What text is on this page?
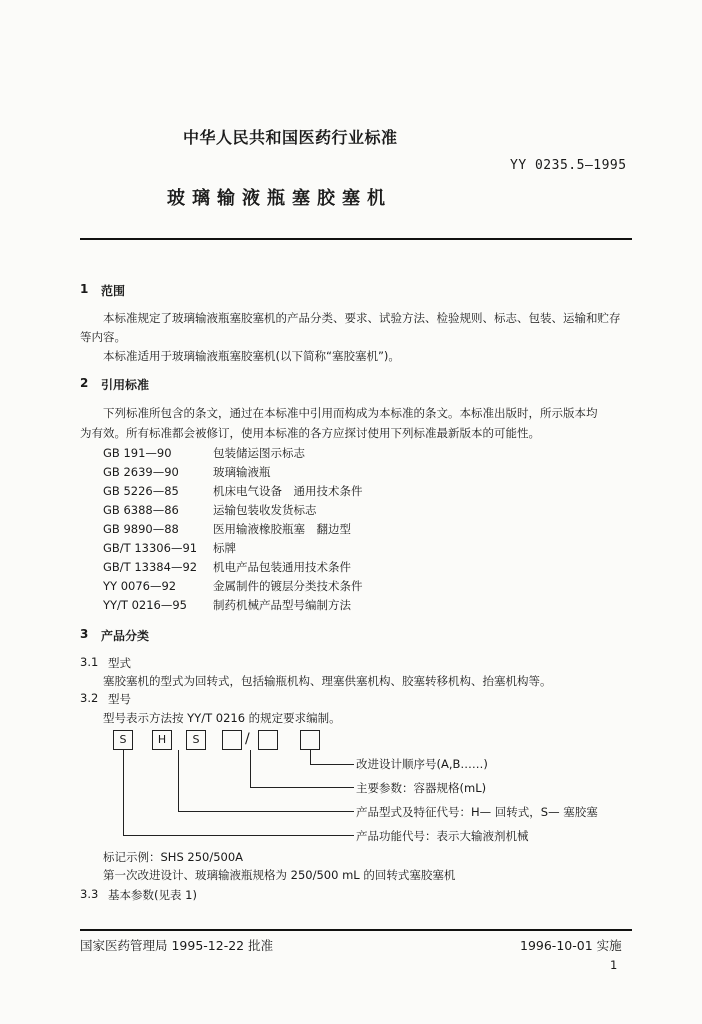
中华人民共和国医药行业标准
YY 0235.5—1995
玻璃输液瓶塞胶塞机
1 范围
本标准规定了玻璃输液瓶塞胶塞机的产品分类、要求、试验方法、检验规则、标志、包装、运输和贮存
等内容。
本标准适用于玻璃输液瓶塞胶塞机(以下简称“塞胶塞机”)。
2 引用标准
下列标准所包含的条文，通过在本标准中引用而构成为本标准的条文。本标准出版时，所示版本均
为有效。所有标准都会被修订，使用本标准的各方应探讨使用下列标准最新版本的可能性。
GB 191—90	包装储运图示标志
GB 2639—90	玻璃输液瓶
GB 5226—85	机床电气设备　通用技术条件
GB 6388—86	运输包装收发货标志
GB 9890—88	医用输液橡胶瓶塞　翻边型
GB/T 13306—91 标牌
GB/T 13384—92 机电产品包装通用技术条件
YY 0076—92	金属制件的镀层分类技术条件
YY/T 0216—95 制药机械产品型号编制方法
3 产品分类
3.1 型式
塞胶塞机的型式为回转式，包括输瓶机构、理塞供塞机构、胶塞转移机构、抬塞机构等。
3.2 型号
型号表示方法按 YY/T 0216 的规定要求编制。
S	H	S	/
改进设计顺序号(A,B……)
主要参数：容器规格(mL)
产品型式及特征代号：H— 回转式，S— 塞胶塞
产品功能代号：表示大输液剂机械
标记示例：SHS 250/500A
第一次改进设计、玻璃输液瓶规格为 250/500 mL 的回转式塞胶塞机
3.3 基本参数(见表 1)
国家医药管理局 1995-12-22 批准	1996-10-01 实施
1
